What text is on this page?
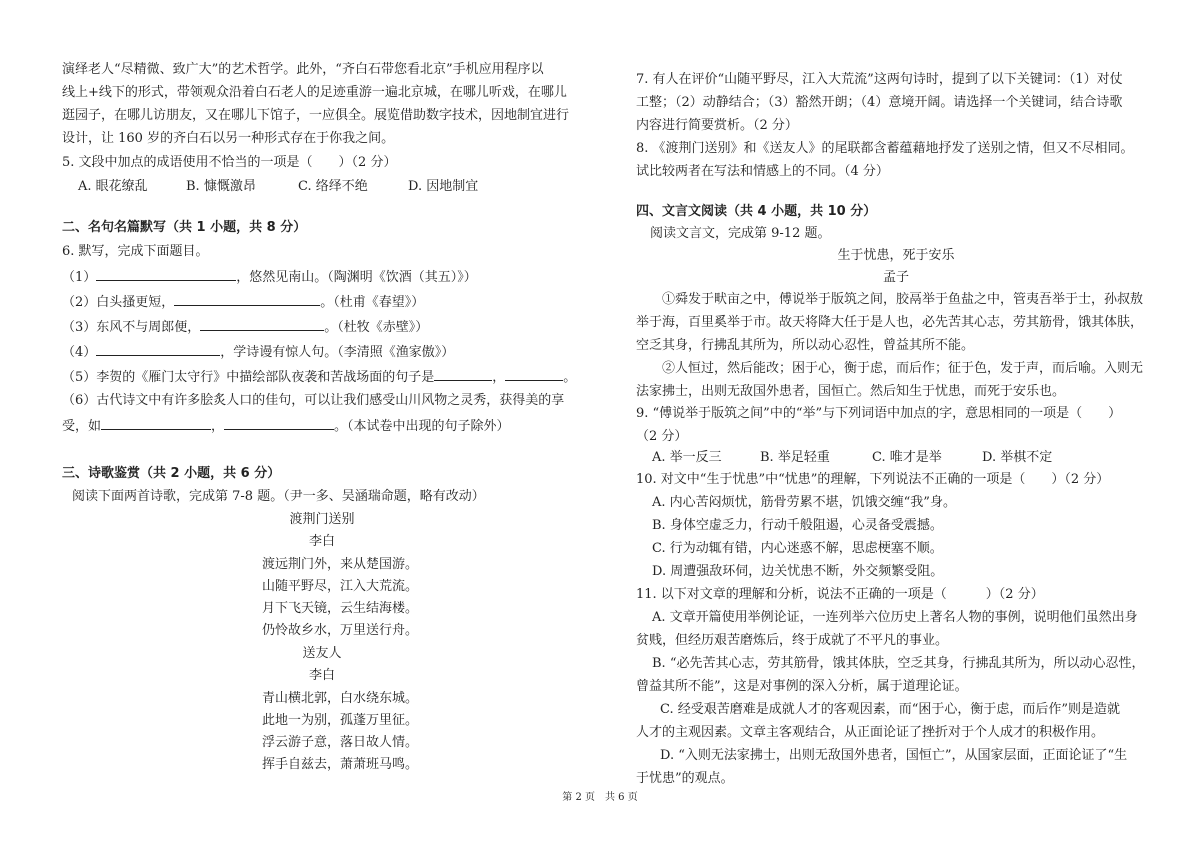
演绎老人“尽精微、致广大”的艺术哲学。此外，“齐白石带您看北京”手机应用程序以
线上+线下的形式，带领观众沿着白石老人的足迹重游一遍北京城，在哪儿听戏，在哪儿
逛园子，在哪儿访朋友，又在哪儿下馆子，一应俱全。展览借助数字技术，因地制宜进行
设计，让 160 岁的齐白石以另一种形式存在于你我之间。
5. 文段中加点的成语使用不恰当的一项是（　　）（2 分）
A. 眼花缭乱	B. 慷慨激昂	C. 络绎不绝	D. 因地制宜
二、名句名篇默写（共 1 小题，共 8 分）
6. 默写，完成下面题目。
（1）	，悠然见南山。（陶渊明《饮酒（其五）》）
（2）白头搔更短，	。（杜甫《春望》）
（3）东风不与周郎便，	。（杜牧《赤壁》）
（4）	，学诗谩有惊人句。（李清照《渔家傲》）
（5）李贺的《雁门太守行》中描绘部队夜袭和苦战场面的句子是	，	。
（6）古代诗文中有许多脍炙人口的佳句，可以让我们感受山川风物之灵秀，获得美的享
受，如	，	。（本试卷中出现的句子除外）
三、诗歌鉴赏（共 2 小题，共 6 分）
阅读下面两首诗歌，完成第 7-8 题。（尹一多、吴涵瑞命题，略有改动）
渡荆门送别
李白
渡远荆门外，来从楚国游。
山随平野尽，江入大荒流。
月下飞天镜，云生结海楼。
仍怜故乡水，万里送行舟。
送友人
李白
青山横北郭，白水绕东城。
此地一为别，孤蓬万里征。
浮云游子意，落日故人情。
挥手自兹去，萧萧班马鸣。
7. 有人在评价“山随平野尽，江入大荒流”这两句诗时，提到了以下关键词：（1）对仗
工整；（2）动静结合；（3）豁然开朗；（4）意境开阔。请选择一个关键词，结合诗歌
内容进行简要赏析。（2 分）
8. 《渡荆门送别》和《送友人》的尾联都含蓄蕴藉地抒发了送别之情，但又不尽相同。
试比较两者在写法和情感上的不同。（4 分）
四、文言文阅读（共 4 小题，共 10 分）
阅读文言文，完成第 9-12 题。
生于忧患，死于安乐
孟子
①舜发于畎亩之中，傅说举于版筑之间，胶鬲举于鱼盐之中，管夷吾举于士，孙叔敖
举于海，百里奚举于市。故天将降大任于是人也，必先苦其心志，劳其筋骨，饿其体肤，
空乏其身，行拂乱其所为，所以动心忍性，曾益其所不能。
②人恒过，然后能改；困于心，衡于虑，而后作；征于色，发于声，而后喻。入则无
法家拂士，出则无敌国外患者，国恒亡。然后知生于忧患，而死于安乐也。
9. “傅说举于版筑之间”中的“举”与下列词语中加点的字，意思相同的一项是（　　）
（2 分）
A. 举一反三	B. 举足轻重	C. 唯才是举	D. 举棋不定
10. 对文中“生于忧患”中“忧患”的理解，下列说法不正确的一项是（　　）（2 分）
A. 内心苦闷烦忧，筋骨劳累不堪，饥饿交缠“我”身。
B. 身体空虚乏力，行动千般阻遏，心灵备受震撼。
C. 行为动辄有错，内心迷惑不解，思虑梗塞不顺。
D. 周遭强敌环伺，边关忧患不断，外交频繁受阻。
11. 以下对文章的理解和分析，说法不正确的一项是（　　　）（2 分）
A. 文章开篇使用举例论证，一连列举六位历史上著名人物的事例，说明他们虽然出身
贫贱，但经历艰苦磨炼后，终于成就了不平凡的事业。
B. “必先苦其心志，劳其筋骨，饿其体肤，空乏其身，行拂乱其所为，所以动心忍性，
曾益其所不能”，这是对事例的深入分析，属于道理论证。
C. 经受艰苦磨难是成就人才的客观因素，而“困于心，衡于虑，而后作”则是造就
人才的主观因素。文章主客观结合，从正面论证了挫折对于个人成才的积极作用。
D. “入则无法家拂士，出则无敌国外患者，国恒亡”，从国家层面，正面论证了“生
于忧患”的观点。
第 2 页　共 6 页
